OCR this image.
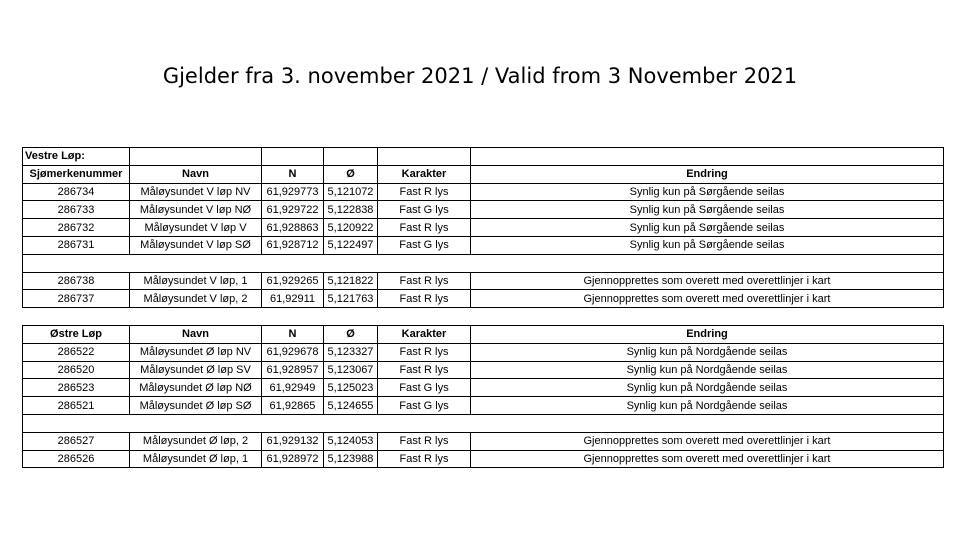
Gjelder fra 3. november 2021 / Valid from 3 November 2021
Vestre Løp:					
Sjømerkenummer	Navn	N	Ø	Karakter	Endring
286734	Måløysundet V løp NV	61,929773	5,121072	Fast R lys	Synlig kun på Sørgående seilas
286733	Måløysundet V løp NØ	61,929722	5,122838	Fast G lys	Synlig kun på Sørgående seilas
286732	Måløysundet V løp V	61,928863	5,120922	Fast R lys	Synlig kun på Sørgående seilas
286731	Måløysundet V løp SØ	61,928712	5,122497	Fast G lys	Synlig kun på Sørgående seilas

286738	Måløysundet V løp, 1	61,929265	5,121822	Fast R lys	Gjennopprettes som overett med overettlinjer i kart
286737	Måløysundet V løp, 2	61,92911	5,121763	Fast R lys	Gjennopprettes som overett med overettlinjer i kart

Østre Løp	Navn	N	Ø	Karakter	Endring
286522	Måløysundet Ø løp NV	61,929678	5,123327	Fast R lys	Synlig kun på Nordgående seilas
286520	Måløysundet Ø løp SV	61,928957	5,123067	Fast R lys	Synlig kun på Nordgående seilas
286523	Måløysundet Ø løp NØ	61,92949	5,125023	Fast G lys	Synlig kun på Nordgående seilas
286521	Måløysundet Ø løp SØ	61,92865	5,124655	Fast G lys	Synlig kun på Nordgående seilas

286527	Måløysundet Ø løp, 2	61,929132	5,124053	Fast R lys	Gjennopprettes som overett med overettlinjer i kart
286526	Måløysundet Ø løp, 1	61,928972	5,123988	Fast R lys	Gjennopprettes som overett med overettlinjer i kart
